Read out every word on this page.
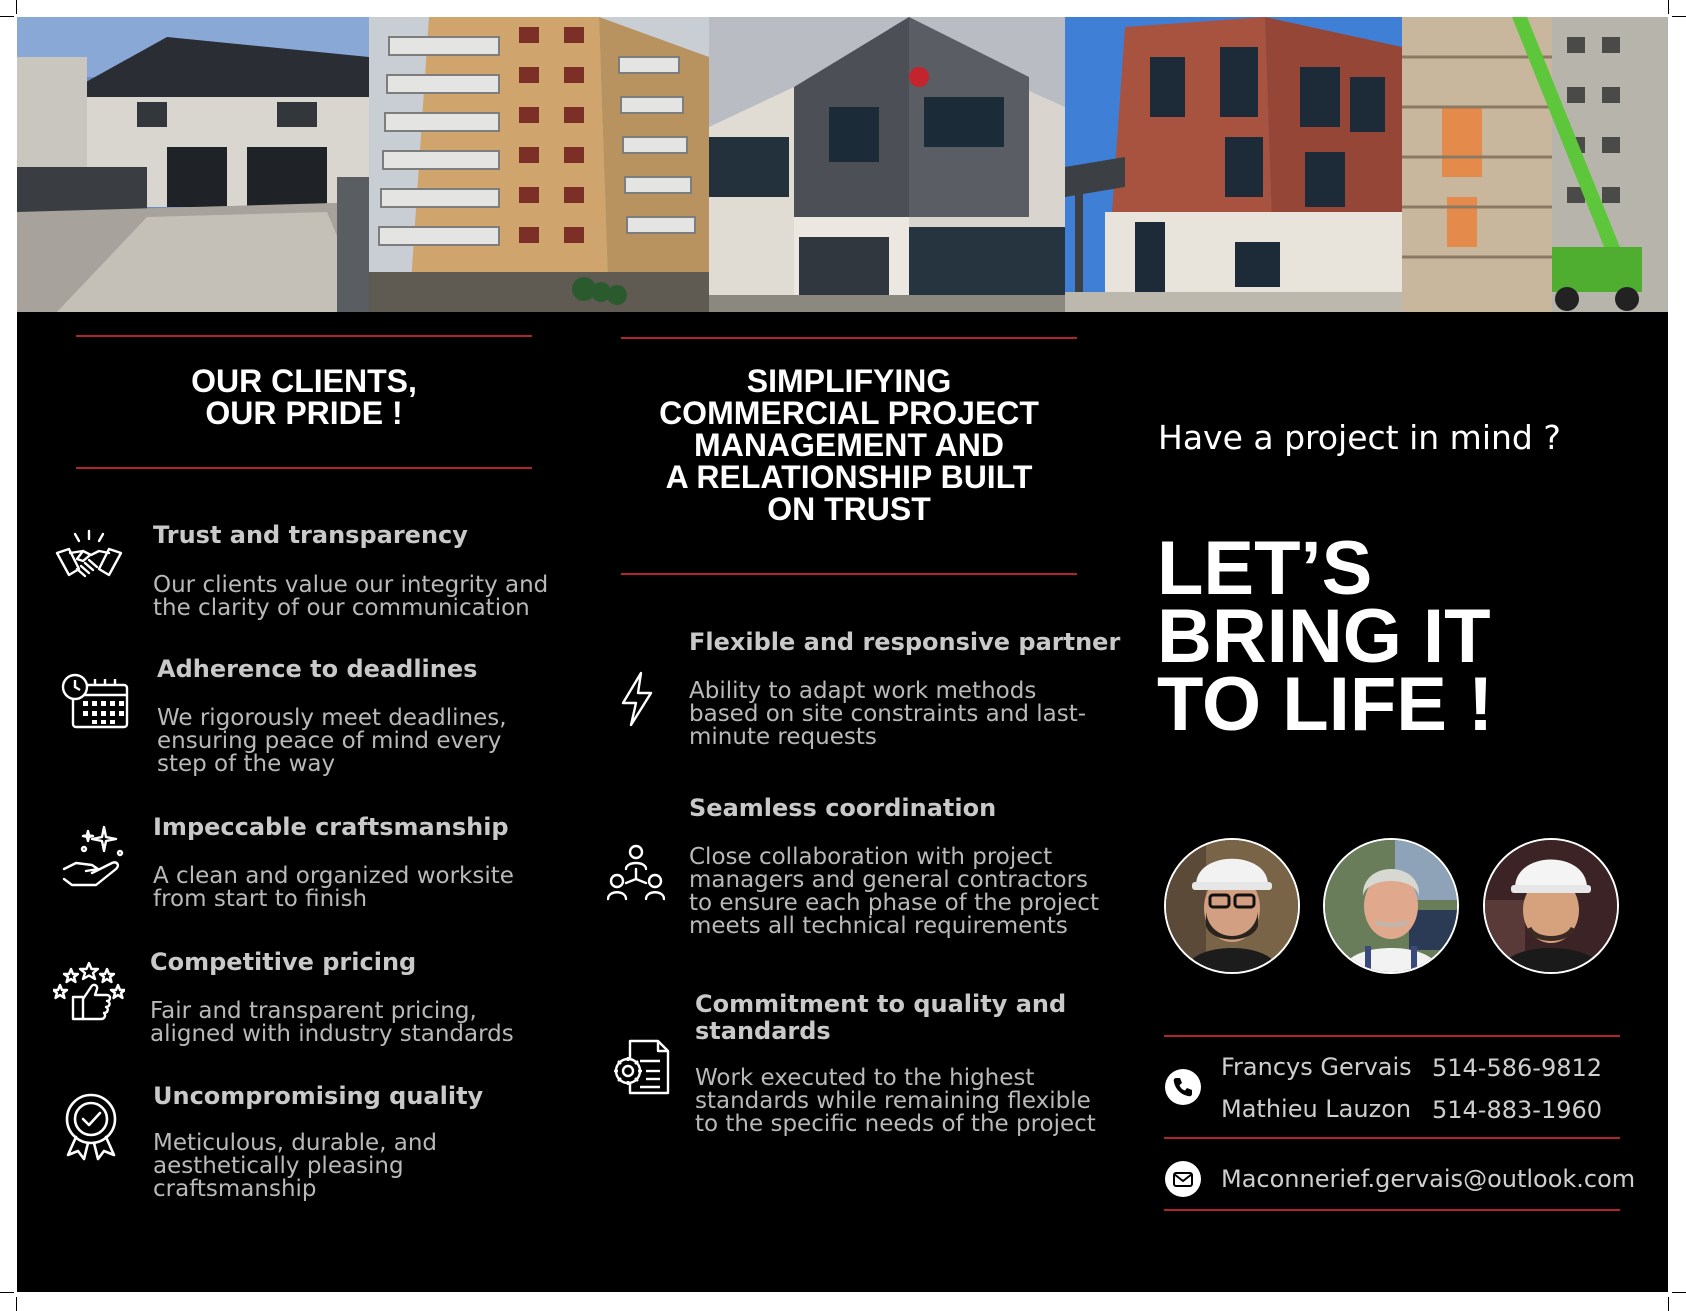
OUR CLIENTS,
OUR PRIDE !
Trust and transparency
Our clients value our integrity and
the clarity of our communication
Adherence to deadlines
We rigorously meet deadlines,
ensuring peace of mind every
step of the way
Impeccable craftsmanship
A clean and organized worksite
from start to finish
Competitive pricing
Fair and transparent pricing,
aligned with industry standards
Uncompromising quality
Meticulous, durable, and
aesthetically pleasing
craftsmanship
SIMPLIFYING
COMMERCIAL PROJECT
MANAGEMENT AND
A RELATIONSHIP BUILT
ON TRUST
Flexible and responsive partner
Ability to adapt work methods
based on site constraints and last-
minute requests
Seamless coordination
Close collaboration with project
managers and general contractors
to ensure each phase of the project
meets all technical requirements
Commitment to quality and
standards
Work executed to the highest
standards while remaining flexible
to the specific needs of the project
Have a project in mind ?
LET’S
BRING IT
TO LIFE !
Francys Gervais 514-586-9812
Mathieu Lauzon 514-883-1960
Maconnerief.gervais@outlook.com
